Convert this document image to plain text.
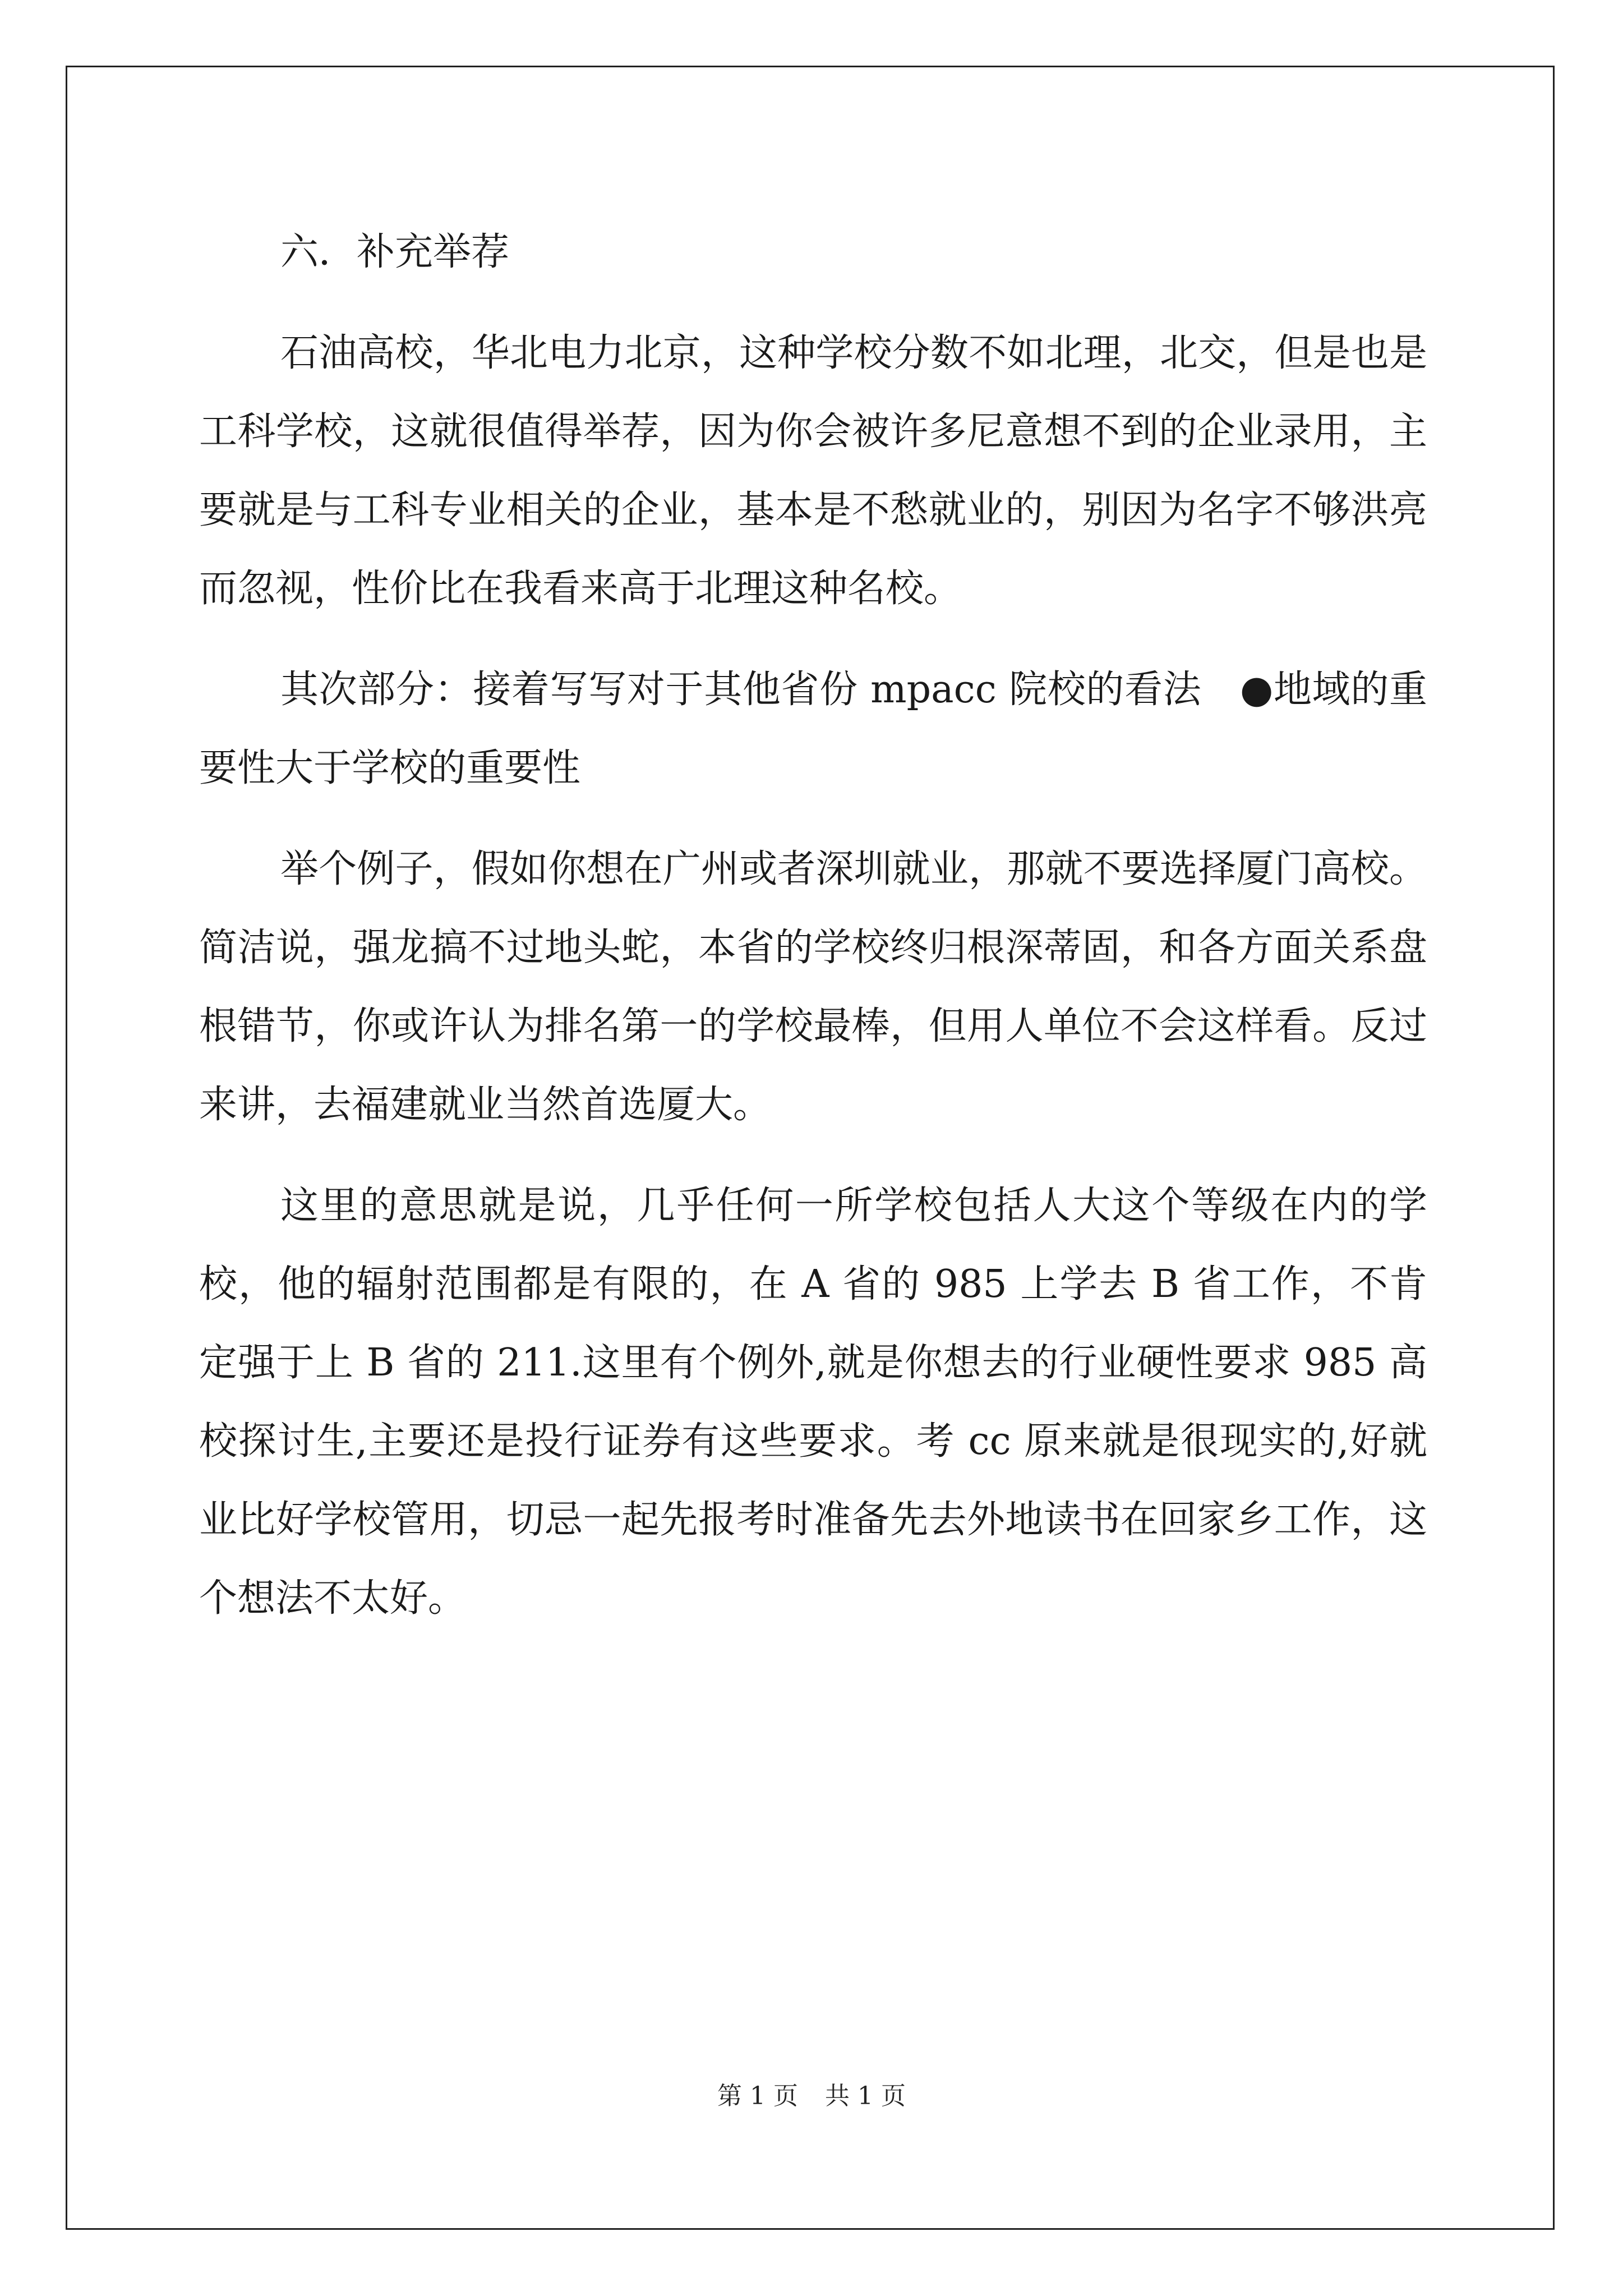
六．补充举荐

石油高校，华北电力北京，这种学校分数不如北理，北交，但是也是工科学校，这就很值得举荐，因为你会被许多尼意想不到的企业录用，主要就是与工科专业相关的企业，基本是不愁就业的，别因为名字不够洪亮而忽视，性价比在我看来高于北理这种名校。

其次部分：接着写写对于其他省份 mpacc 院校的看法　●地域的重要性大于学校的重要性

举个例子，假如你想在广州或者深圳就业，那就不要选择厦门高校。简洁说，强龙搞不过地头蛇，本省的学校终归根深蒂固，和各方面关系盘根错节，你或许认为排名第一的学校最棒，但用人单位不会这样看。反过来讲，去福建就业当然首选厦大。

这里的意思就是说，几乎任何一所学校包括人大这个等级在内的学校，他的辐射范围都是有限的，在 A 省的 985 上学去 B 省工作，不肯定强于上 B 省的 211.这里有个例外,就是你想去的行业硬性要求 985 高校探讨生,主要还是投行证券有这些要求。考 cc 原来就是很现实的,好就业比好学校管用，切忌一起先报考时准备先去外地读书在回家乡工作，这个想法不太好。

第 1 页 共 1 页
